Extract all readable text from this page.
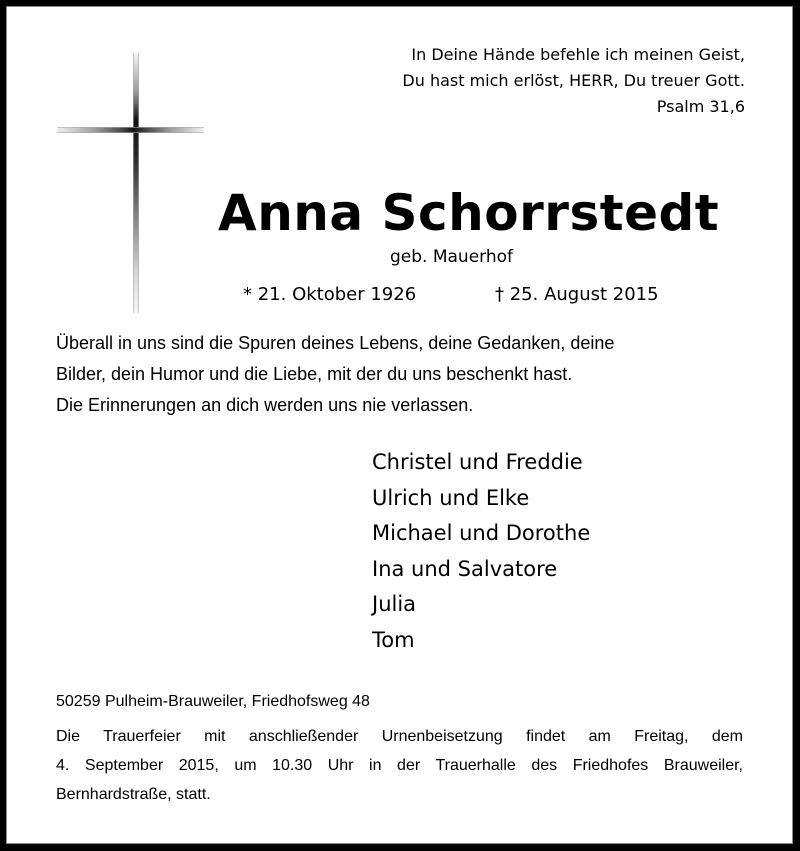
In Deine Hände befehle ich meinen Geist,
Du hast mich erlöst, HERR, Du treuer Gott.
Psalm 31,6
Anna Schorrstedt
geb. Mauerhof
* 21. Oktober 1926	† 25. August 2015
Überall in uns sind die Spuren deines Lebens, deine Gedanken, deine
Bilder, dein Humor und die Liebe, mit der du uns beschenkt hast.
Die Erinnerungen an dich werden uns nie verlassen.
Christel und Freddie
Ulrich und Elke
Michael und Dorothe
Ina und Salvatore
Julia
Tom
50259 Pulheim-Brauweiler, Friedhofsweg 48
Die Trauerfeier mit anschließender Urnenbeisetzung findet am Freitag, dem
4. September 2015, um 10.30 Uhr in der Trauerhalle des Friedhofes Brauweiler,
Bernhardstraße, statt.
